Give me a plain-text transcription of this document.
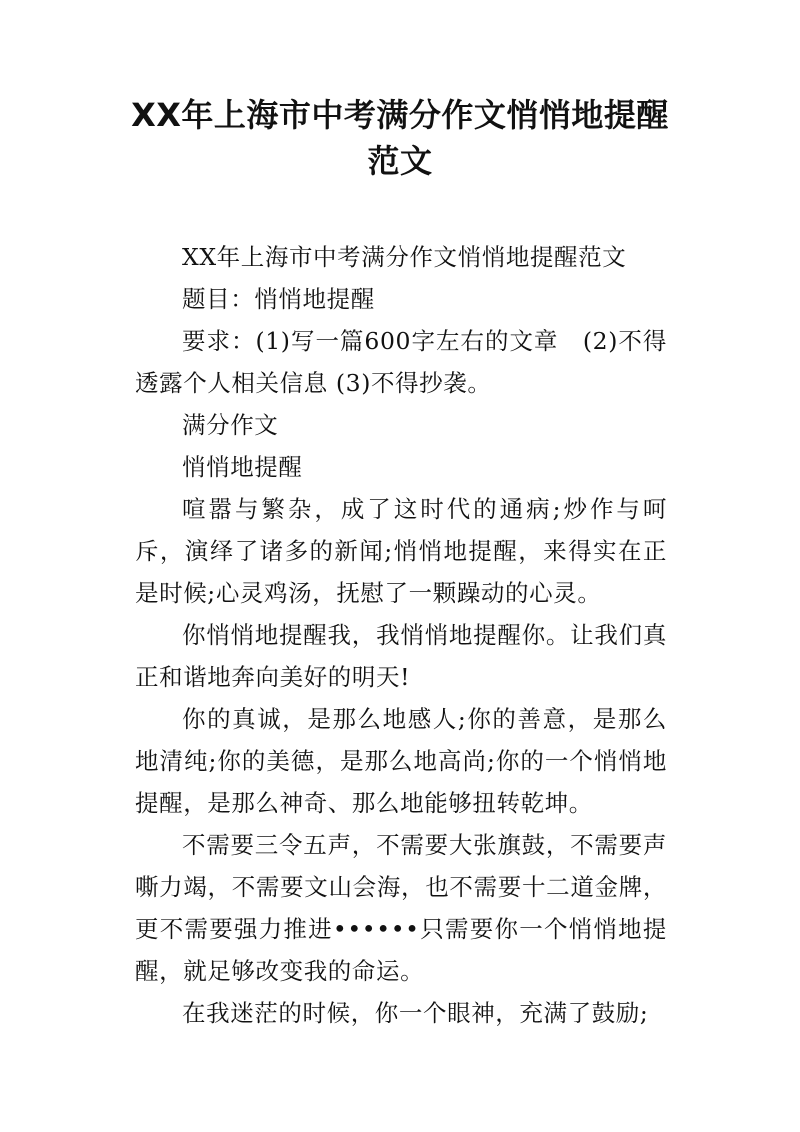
XX年上海市中考满分作文悄悄地提醒
范文

XX年上海市中考满分作文悄悄地提醒范文

题目：悄悄地提醒

要求：(1)写一篇600字左右的文章　(2)不得透露个人相关信息 (3)不得抄袭。

满分作文

悄悄地提醒

喧嚣与繁杂，成了这时代的通病;炒作与呵斥，演绎了诸多的新闻;悄悄地提醒，来得实在正是时候;心灵鸡汤，抚慰了一颗躁动的心灵。

你悄悄地提醒我，我悄悄地提醒你。让我们真正和谐地奔向美好的明天!

你的真诚，是那么地感人;你的善意，是那么地清纯;你的美德，是那么地高尚;你的一个悄悄地提醒，是那么神奇、那么地能够扭转乾坤。

不需要三令五声，不需要大张旗鼓，不需要声嘶力竭，不需要文山会海，也不需要十二道金牌，更不需要强力推进••••••只需要你一个悄悄地提醒，就足够改变我的命运。

在我迷茫的时候，你一个眼神，充满了鼓励;
